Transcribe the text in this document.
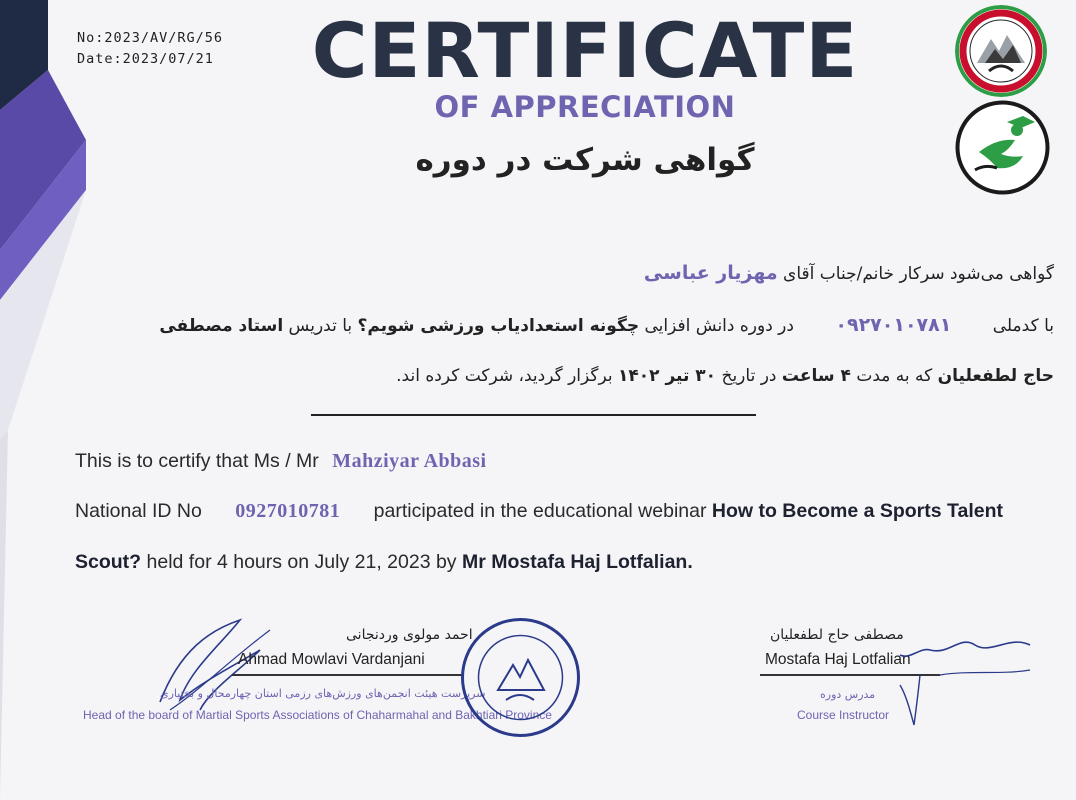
No:2023/AV/RG/56
Date:2023/07/21 CERTIFICATE
OF APPRECIATION
گواهی شرکت در دوره
گواهی می‌شود سرکار خانم/جناب آقای مهزیار عباسی
با کدملی ۰۹۲۷۰۱۰۷۸۱ در دوره دانش افزایی چگونه استعدادیاب ورزشی شویم؟ با تدریس استاد مصطفی
حاج لطفعلیان که به مدت ۴ ساعت در تاریخ ۳۰ تیر ۱۴۰۲ برگزار گردید، شرکت کرده اند.
This is to certify that Ms / Mr Mahziyar Abbasi
National ID No 0927010781 participated in the educational webinar How to Become a Sports Talent
Scout? held for 4 hours on July 21, 2023 by Mr Mostafa Haj Lotfalian.
احمد مولوی وردنجانی
Ahmad Mowlavi Vardanjani
سرپرست هیئت انجمن‌های ورزش‌های رزمی استان چهارمحال و بختیاری
Head of the board of Martial Sports Associations of Chaharmahal and Bakhtiari Province
مصطفی حاج لطفعلیان
Mostafa Haj Lotfalian
مدرس دوره
Course Instructor
